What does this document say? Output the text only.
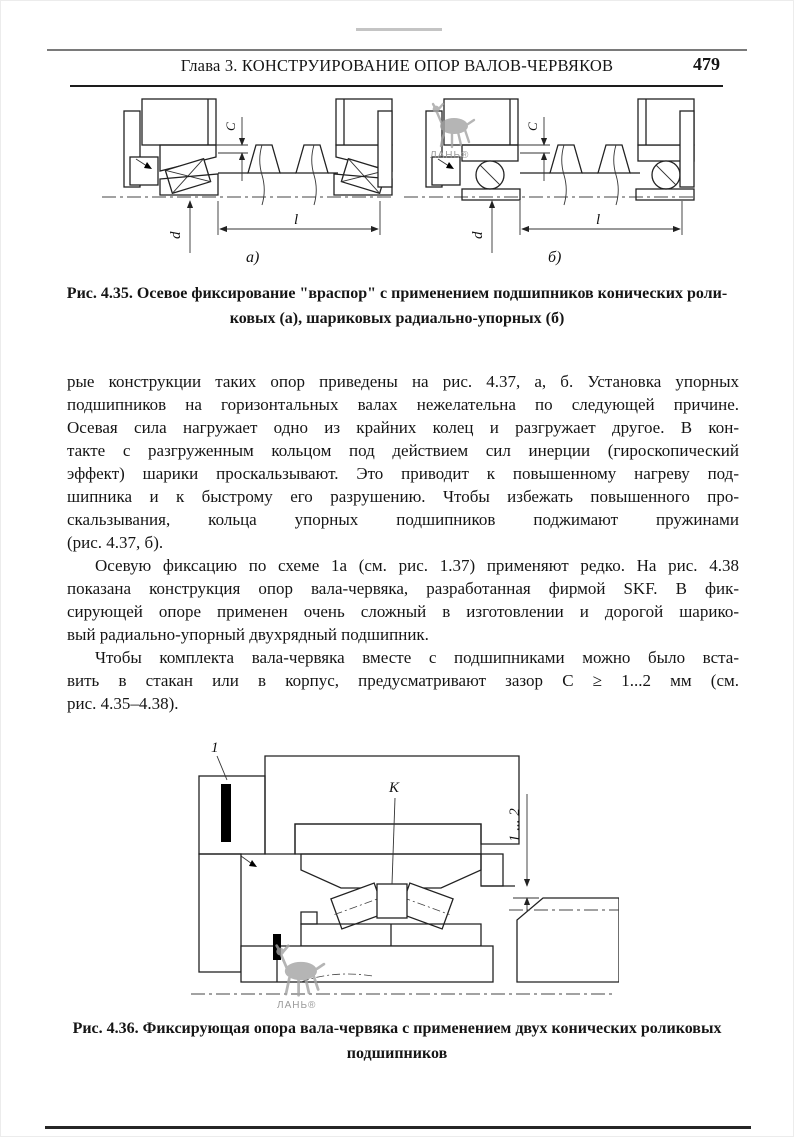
Глава 3. КОНСТРУИРОВАНИЕ ОПОР ВАЛОВ-ЧЕРВЯКОВ	479
C
l
d
а)
C
l
d
б)
ЛАНЬ®
Рис. 4.35. Осевое фиксирование "враспор" с применением подшипников конических роли-
ковых (а), шариковых радиально-упорных (б)
рые конструкции таких опор приведены на рис. 4.37, а, б. Установка упорных
подшипников на горизонтальных валах нежелательна по следующей причине.
Осевая сила нагружает одно из крайних колец и разгружает другое. В кон-
такте с разгруженным кольцом под действием сил инерции (гироскопический
эффект) шарики проскальзывают. Это приводит к повышенному нагреву под-
шипника и к быстрому его разрушению. Чтобы избежать повышенного про-
скальзывания, кольца упорных подшипников поджимают пружинами
(рис. 4.37, б).
Осевую фиксацию по схеме 1а (см. рис. 1.37) применяют редко. На рис. 4.38
показана конструкция опор вала-червяка, разработанная фирмой SKF. В фик-
сирующей опоре применен очень сложный в изготовлении и дорогой шарико-
вый радиально-упорный двухрядный подшипник.
Чтобы комплекта вала-червяка вместе с подшипниками можно было вста-
вить в стакан или в корпус, предусматривают зазор С ≥ 1...2 мм (см.
рис. 4.35–4.38).
1 ... 2
1
К
ЛАНЬ®
Рис. 4.36. Фиксирующая опора вала-червяка с применением двух конических роликовых
подшипников
